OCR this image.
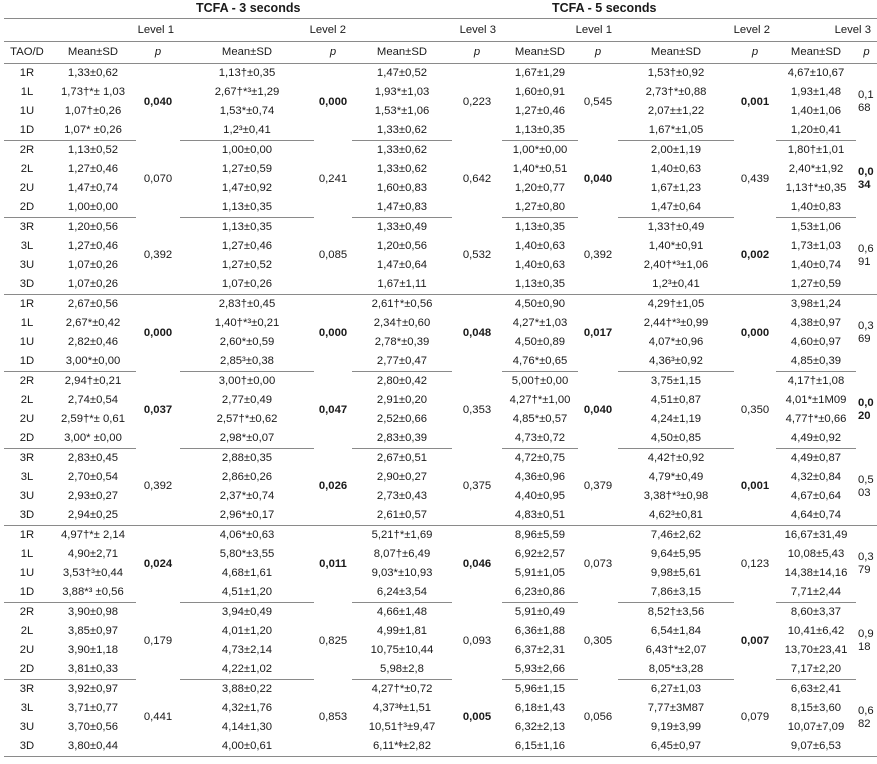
TCFA - 3 seconds	TCFA - 5 seconds
	Level 1		Level 2		Level 3		Level 1		Level 2		Level 3	
TAO/D	Mean±SD	p	Mean±SD	p	Mean±SD	p	Mean±SD	p	Mean±SD	p	Mean±SD	p
1R	1,33±0,62	0,040	1,13†±0,35	0,000	1,47±0,52	0,223	1,67±1,29	0,545	1,53†±0,92	0,001	4,67±10,67	0,168
1L	1,73†*± 1,03		2,67†*³±1,29		1,93*±1,03		1,60±0,91		2,73†*±0,88		1,93±1,48	
1U	1,07†±0,26		1,53*±0,74		1,53*±1,06		1,27±0,46		2,07±±1,22		1,40±1,06	
1D	1,07* ±0,26		1,2³±0,41		1,33±0,62		1,13±0,35		1,67*±1,05		1,20±0,41	
2R	1,13±0,52	0,070	1,00±0,00	0,241	1,33±0,62	0,642	1,00*±0,00	0,040	2,00±1,19	0,439	1,80†±1,01	0,034
2L	1,27±0,46		1,27±0,59		1,33±0,62		1,40*±0,51		1,40±0,63		2,40*±1,92	
2U	1,47±0,74		1,47±0,92		1,60±0,83		1,20±0,77		1,67±1,23		1,13†*±0,35	
2D	1,00±0,00		1,13±0,35		1,47±0,83		1,27±0,80		1,47±0,64		1,40±0,83	
3R	1,20±0,56	0,392	1,13±0,35	0,085	1,33±0,49	0,532	1,13±0,35	0,392	1,33†±0,49	0,002	1,53±1,06	0,691
3L	1,27±0,46		1,27±0,46		1,20±0,56		1,40±0,63		1,40*±0,91		1,73±1,03	
3U	1,07±0,26		1,27±0,52		1,47±0,64		1,40±0,63		2,40†*³±1,06		1,40±0,74	
3D	1,07±0,26		1,07±0,26		1,67±1,11		1,13±0,35		1,2³±0,41		1,27±0,59	
1R	2,67±0,56	0,000	2,83†±0,45	0,000	2,61†*±0,56	0,048	4,50±0,90	0,017	4,29†±1,05	0,000	3,98±1,24	0,369
1L	2,67*±0,42		1,40†*³±0,21		2,34†±0,60		4,27*±1,03		2,44†*³±0,99		4,38±0,97	
1U	2,82±0,46		2,60*±0,59		2,78*±0,39		4,50±0,89		4,07*±0,96		4,60±0,97	
1D	3,00*±0,00		2,85³±0,38		2,77±0,47		4,76*±0,65		4,36³±0,92		4,85±0,39	
2R	2,94†±0,21	0,037	3,00†±0,00	0,047	2,80±0,42	0,353	5,00†±0,00	0,040	3,75±1,15	0,350	4,17†±1,08	0,020
2L	2,74±0,54		2,77±0,49		2,91±0,20		4,27†*±1,00		4,51±0,87		4,01*±1M09	
2U	2,59†*± 0,61		2,57†*±0,62		2,52±0,66		4,85*±0,57		4,24±1,19		4,77†*±0,66	
2D	3,00* ±0,00		2,98*±0,07		2,83±0,39		4,73±0,72		4,50±0,85		4,49±0,92	
3R	2,83±0,45	0,392	2,88±0,35	0,026	2,67±0,51	0,375	4,72±0,75	0,379	4,42†±0,92	0,001	4,49±0,87	0,503
3L	2,70±0,54		2,86±0,26		2,90±0,27		4,36±0,96		4,79*±0,49		4,32±0,84	
3U	2,93±0,27		2,37*±0,74		2,73±0,43		4,40±0,95		3,38†*³±0,98		4,67±0,64	
3D	2,94±0,25		2,96*±0,17		2,61±0,57		4,83±0,51		4,62³±0,81		4,64±0,74	
1R	4,97†*± 2,14	0,024	4,06*±0,63	0,011	5,21†*±1,69	0,046	8,96±5,59	0,073	7,46±2,62	0,123	16,67±31,49	0,379
1L	4,90±2,71		5,80*±3,55		8,07†±6,49		6,92±2,57		9,64±5,95		10,08±5,43	
1U	3,53†³±0,44		4,68±1,61		9,03*±10,93		5,91±1,05		9,98±5,61		14,38±14,16	
1D	3,88*³ ±0,56		4,51±1,20		6,24±3,54		6,23±0,86		7,86±3,15		7,71±2,44	
2R	3,90±0,98	0,179	3,94±0,49	0,825	4,66±1,48	0,093	5,91±0,49	0,305	8,52†±3,56	0,007	8,60±3,37	0,918
2L	3,85±0,97		4,01±1,20		4,99±1,81		6,36±1,88		6,54±1,84		10,41±6,42	
2U	3,90±1,18		4,73±2,14		10,75±10,44		6,37±2,31		6,43†*±2,07		13,70±23,41	
2D	3,81±0,33		4,22±1,02		5,98±2,8		5,93±2,66		8,05*±3,28		7,17±2,20	
3R	3,92±0,97	0,441	3,88±0,22	0,853	4,27†*±0,72	0,005	5,96±1,15	0,056	6,27±1,03	0,079	6,63±2,41	0,682
3L	3,71±0,77		4,32±1,76		4,37³ᶲ±1,51		6,18±1,43		7,77±3M87		8,15±3,60	
3U	3,70±0,56		4,14±1,30		10,51†³±9,47		6,32±2,13		9,19±3,99		10,07±7,09	
3D	3,80±0,44		4,00±0,61		6,11*ᶲ±2,82		6,15±1,16		6,45±0,97		9,07±6,53	
